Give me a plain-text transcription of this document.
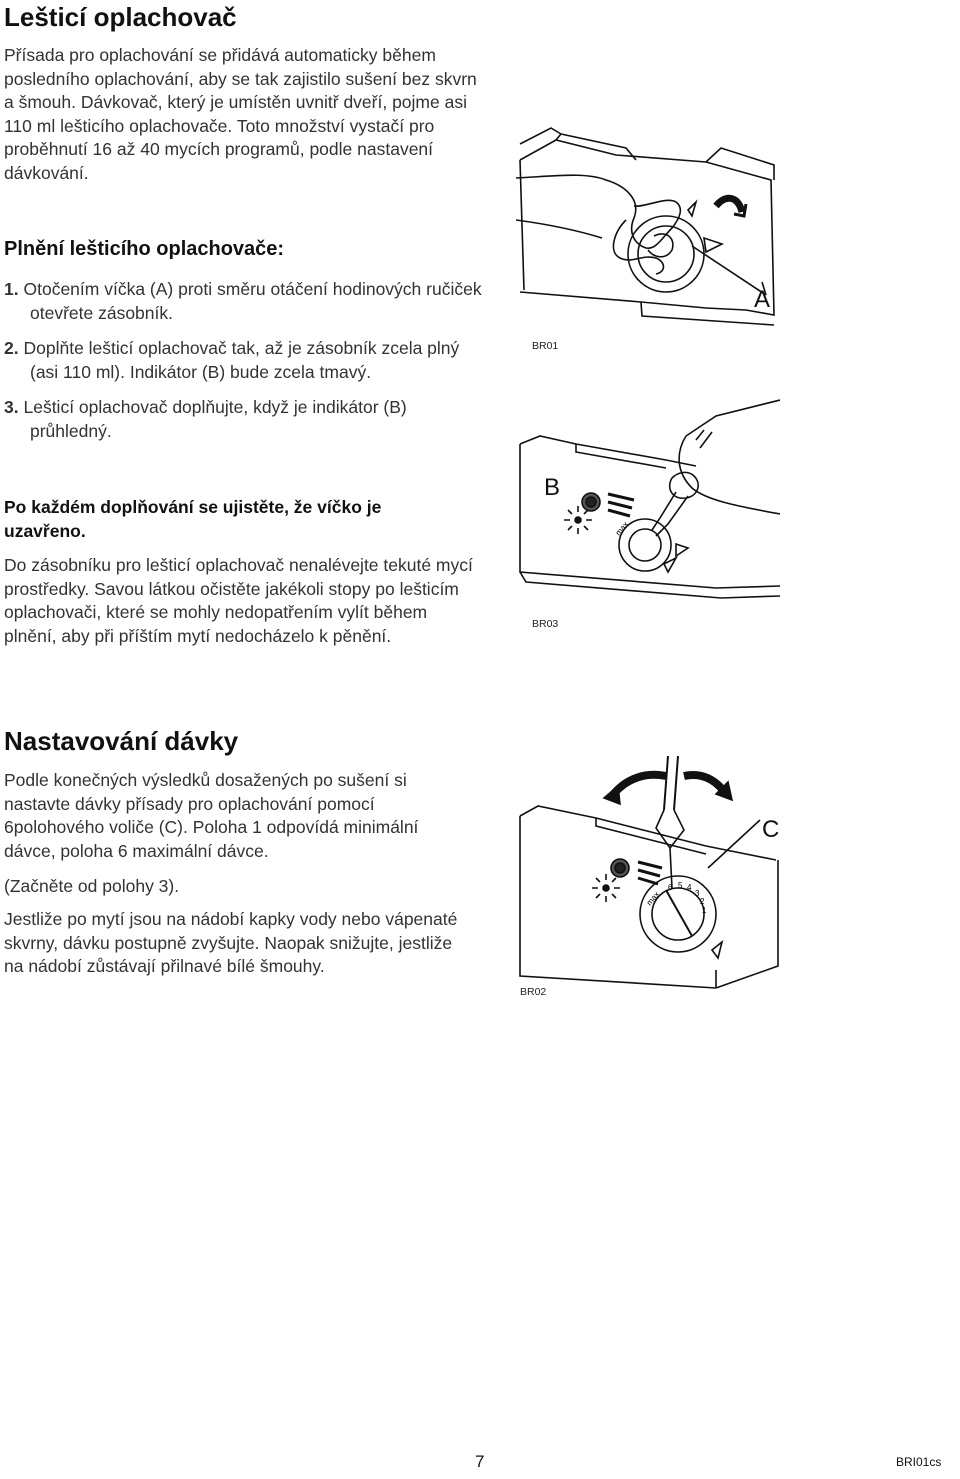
Lešticí oplachovač

Přísada pro oplachování se přidává automaticky během posledního oplachování, aby se tak zajistilo sušení bez skvrn a šmouh. Dávkovač, který je umístěn uvnitř dveří, pojme asi 110 ml lešticího oplachovače. Toto množství vystačí pro proběhnutí 16 až 40 mycích programů, podle nastavení dávkování.

Plnění lešticího oplachovače:
1. Otočením víčka (A) proti směru otáčení hodinových ručiček otevřete zásobník.
2. Doplňte lešticí oplachovač tak, až je zásobník zcela plný (asi 110 ml). Indikátor (B) bude zcela tmavý.
3. Lešticí oplachovač doplňujte, když je indikátor (B) průhledný.

Po každém doplňování se ujistěte, že víčko je uzavřeno.

Do zásobníku pro lešticí oplachovač nenalévejte tekuté mycí prostředky. Savou látkou očistěte jakékoli stopy po lešticím oplachovači, které se mohly nedopatřením vylít během plnění, aby při příštím mytí nedocházelo k pěnění.

A
BR01
max
B
BR03
Nastavování dávky

Podle konečných výsledků dosažených po sušení si nastavte dávky přísady pro oplachování pomocí 6polohového voliče (C). Poloha 1 odpovídá minimální dávce, poloha 6 maximální dávce.

(Začněte od polohy 3).

Jestliže po mytí jsou na nádobí kapky vody nebo vápenaté skvrny, dávku postupně zvyšujte. Naopak snižujte, jestliže na nádobí zůstávají přilnavé bílé šmouhy.

max
6 5 4
3
2
1
C
BR02
7	BRI01cs
